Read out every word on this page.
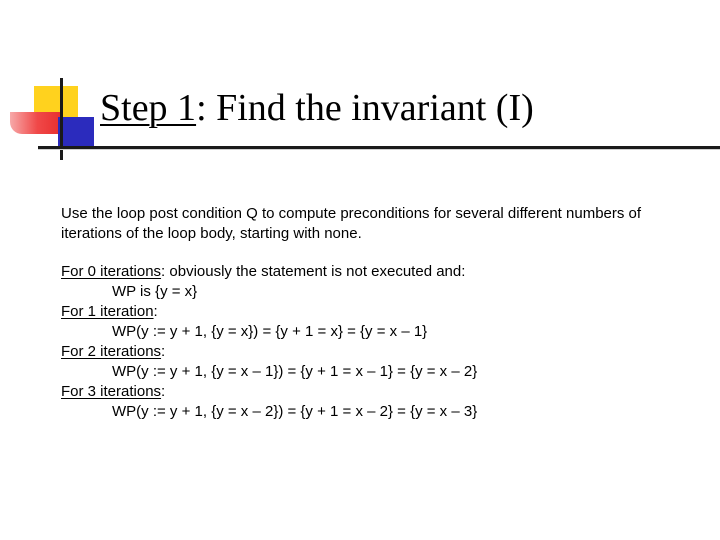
Step 1: Find the invariant (I)

Use the loop post condition Q to compute preconditions for several different numbers of

iterations of the loop body, starting with none.

For 0 iterations: obviously the statement is not executed and:

WP is {y = x}

For 1 iteration:

WP(y := y + 1, {y = x}) = {y + 1 = x} = {y = x – 1}

For 2 iterations:

WP(y := y + 1, {y = x – 1}) = {y + 1 = x – 1} = {y = x – 2}

For 3 iterations:

WP(y := y + 1, {y = x – 2}) = {y + 1 = x – 2} = {y = x – 3}
